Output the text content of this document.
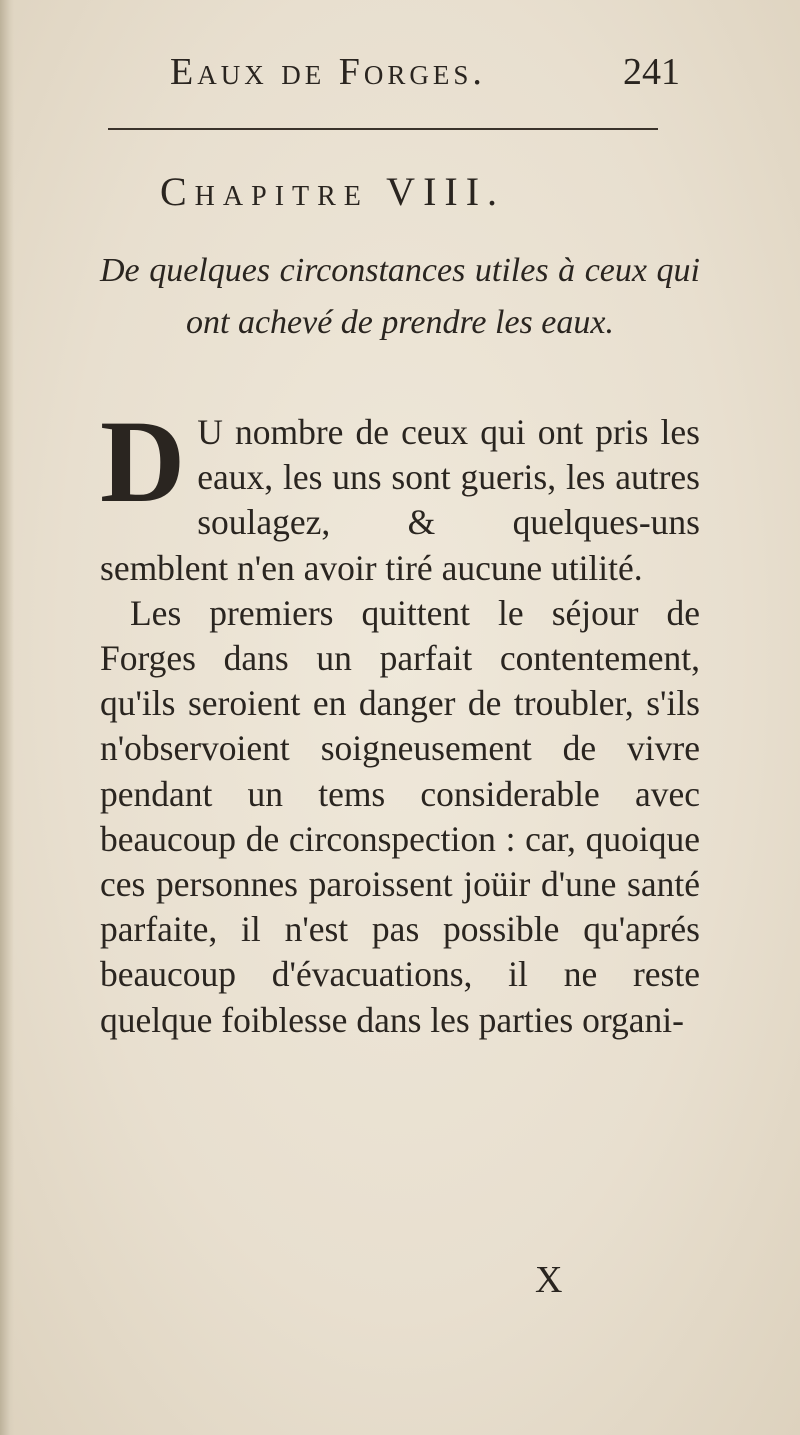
Eaux de Forges.	241
Chapitre VIII.
De quelques circonstances utiles à ceux qui ont achevé de prendre les eaux.

D U nombre de ceux qui ont pris les eaux, les uns sont gueris, les autres soulagez, & quelques-uns semblent n'en avoir tiré aucune utilité.

Les premiers quittent le séjour de Forges dans un parfait contentement, qu'ils seroient en danger de troubler, s'ils n'observoient soigneusement de vivre pendant un tems considerable avec beaucoup de circonspection : car, quoique ces personnes paroissent joüir d'une santé parfaite, il n'est pas possible qu'aprés beaucoup d'évacuations, il ne reste quelque foiblesse dans les parties organi-

X
